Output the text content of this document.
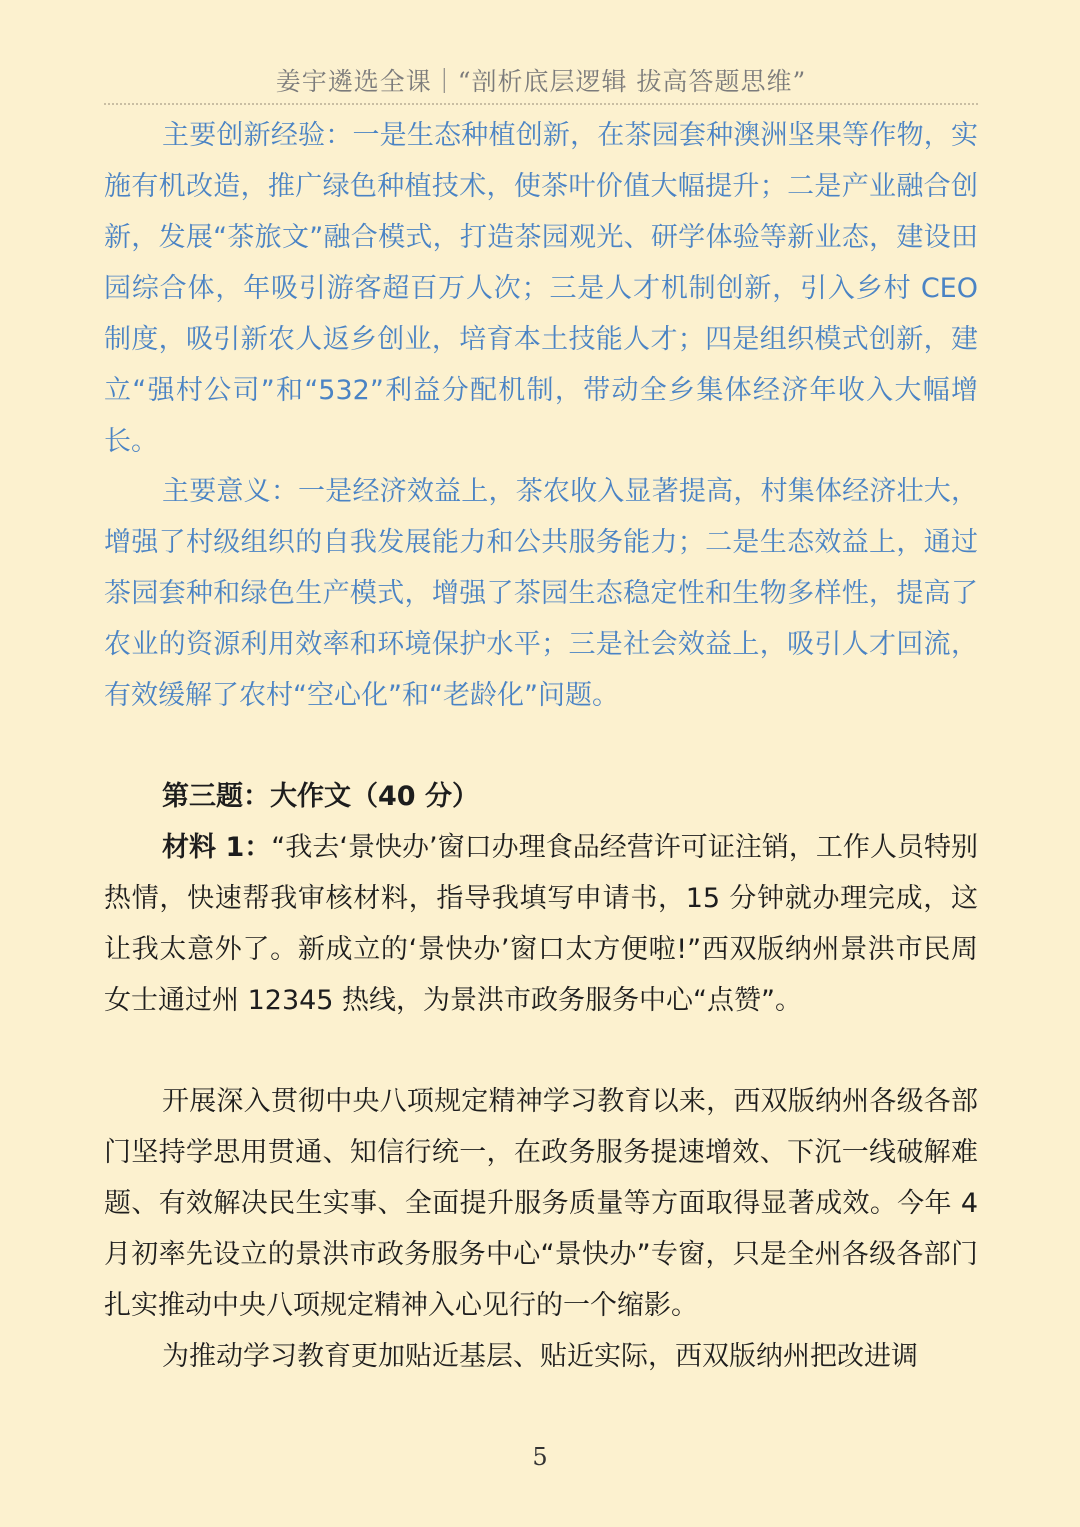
姜宇遴选全课｜“剖析底层逻辑 拔高答题思维”

主要创新经验：一是生态种植创新，在茶园套种澳洲坚果等作物，实施有机改造，推广绿色种植技术，使茶叶价值大幅提升；二是产业融合创新，发展“茶旅文”融合模式，打造茶园观光、研学体验等新业态，建设田园综合体，年吸引游客超百万人次；三是人才机制创新，引入乡村 CEO 制度，吸引新农人返乡创业，培育本土技能人才；四是组织模式创新，建立“强村公司”和“532”利益分配机制，带动全乡集体经济年收入大幅增长。

主要意义：一是经济效益上，茶农收入显著提高，村集体经济壮大，增强了村级组织的自我发展能力和公共服务能力；二是生态效益上，通过茶园套种和绿色生产模式，增强了茶园生态稳定性和生物多样性，提高了农业的资源利用效率和环境保护水平；三是社会效益上，吸引人才回流，有效缓解了农村“空心化”和“老龄化”问题。

第三题：大作文（40 分）

材料 1：“我去‘景快办’窗口办理食品经营许可证注销，工作人员特别热情，快速帮我审核材料，指导我填写申请书，15 分钟就办理完成，这让我太意外了。新成立的‘景快办’窗口太方便啦!”西双版纳州景洪市民周女士通过州 12345 热线，为景洪市政务服务中心“点赞”。

开展深入贯彻中央八项规定精神学习教育以来，西双版纳州各级各部门坚持学思用贯通、知信行统一，在政务服务提速增效、下沉一线破解难题、有效解决民生实事、全面提升服务质量等方面取得显著成效。今年 4 月初率先设立的景洪市政务服务中心“景快办”专窗，只是全州各级各部门扎实推动中央八项规定精神入心见行的一个缩影。

为推动学习教育更加贴近基层、贴近实际，西双版纳州把改进调

5
